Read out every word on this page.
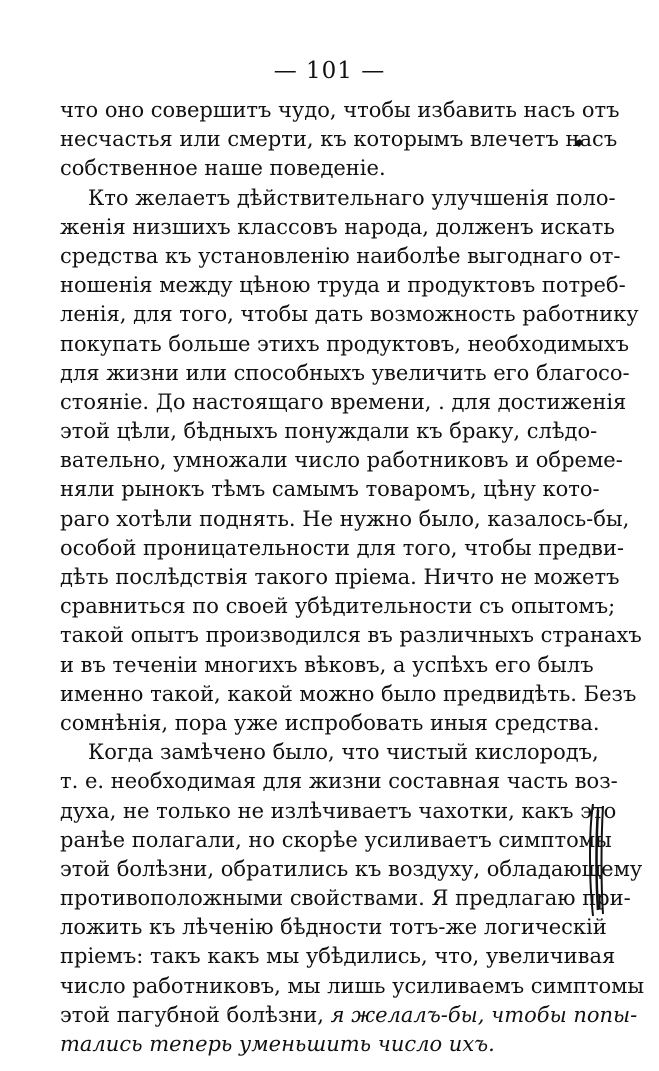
— 101 —
что оно совершитъ чудо, чтобы избавить насъ отъ
несчастья или смерти, къ которымъ влечетъ насъ
собственное наше поведеніе.
Кто желаетъ дѣйствительнаго улучшенія поло-
женія низшихъ классовъ народа, долженъ искать
средства къ установленію наиболѣе выгоднаго от-
ношенія между цѣною труда и продуктовъ потреб-
ленія, для того, чтобы дать возможность работнику
покупать больше этихъ продуктовъ, необходимыхъ
для жизни или способныхъ увеличить его благосо-
стояніе. До настоящаго времени, . для достиженія
этой цѣли, бѣдныхъ понуждали къ браку, слѣдо-
вательно, умножали число работниковъ и обреме-
няли рынокъ тѣмъ самымъ товаромъ, цѣну кото-
раго хотѣли поднять. Не нужно было, казалось-бы,
особой проницательности для того, чтобы предви-
дѣть послѣдствія такого пріема. Ничто не можетъ
сравниться по своей убѣдительности съ опытомъ;
такой опытъ производился въ различныхъ странахъ
и въ теченіи многихъ вѣковъ, а успѣхъ его былъ
именно такой, какой можно было предвидѣть. Безъ
сомнѣнія, пора уже испробовать иныя средства.
Когда замѣчено было, что чистый кислородъ,
т. е. необходимая для жизни составная часть воз-
духа, не только не излѣчиваетъ чахотки, какъ это
ранѣе полагали, но скорѣе усиливаетъ симптомы
этой болѣзни, обратились къ воздуху, обладающему
противоположными свойствами. Я предлагаю при-
ложить къ лѣченію бѣдности тотъ-же логическій
пріемъ: такъ какъ мы убѣдились, что, увеличивая
число работниковъ, мы лишь усиливаемъ симптомы
этой пагубной болѣзни, я желалъ-бы, чтобы попы-
тались теперь уменьшить число ихъ.
